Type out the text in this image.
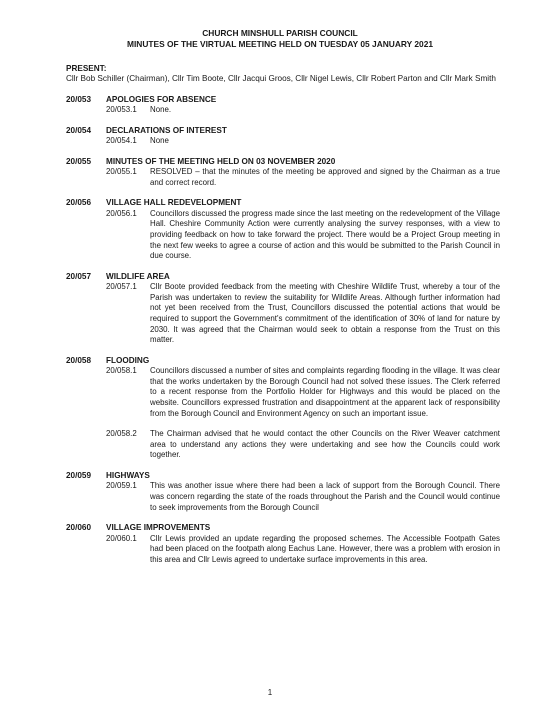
CHURCH MINSHULL PARISH COUNCIL
MINUTES OF THE VIRTUAL MEETING HELD ON TUESDAY 05 JANUARY 2021
PRESENT:
Cllr Bob Schiller (Chairman), Cllr Tim Boote, Cllr Jacqui Groos, Cllr Nigel Lewis, Cllr Robert Parton and Cllr Mark Smith
20/053	APOLOGIES FOR ABSENCE
20/053.1	None.
20/054	DECLARATIONS OF INTEREST
20/054.1	None
20/055	MINUTES OF THE MEETING HELD ON 03 NOVEMBER 2020
20/055.1	RESOLVED – that the minutes of the meeting be approved and signed by the Chairman as a true and correct record.
20/056	VILLAGE HALL REDEVELOPMENT
20/056.1	Councillors discussed the progress made since the last meeting on the redevelopment of the Village Hall. Cheshire Community Action were currently analysing the survey responses, with a view to providing feedback on how to take forward the project. There would be a Project Group meeting in the next few weeks to agree a course of action and this would be submitted to the Parish Council in due course.
20/057	WILDLIFE AREA
20/057.1	Cllr Boote provided feedback from the meeting with Cheshire Wildlife Trust, whereby a tour of the Parish was undertaken to review the suitability for Wildlife Areas. Although further information had not yet been received from the Trust, Councillors discussed the potential actions that would be required to support the Government's commitment of the identification of 30% of land for nature by 2030. It was agreed that the Chairman would seek to obtain a response from the Trust on this matter.
20/058	FLOODING
20/058.1	Councillors discussed a number of sites and complaints regarding flooding in the village. It was clear that the works undertaken by the Borough Council had not solved these issues. The Clerk referred to a recent response from the Portfolio Holder for Highways and this would be placed on the website. Councillors expressed frustration and disappointment at the apparent lack of responsibility from the Borough Council and Environment Agency on such an important issue.
20/058.2	The Chairman advised that he would contact the other Councils on the River Weaver catchment area to understand any actions they were undertaking and see how the Councils could work together.
20/059	HIGHWAYS
20/059.1	This was another issue where there had been a lack of support from the Borough Council. There was concern regarding the state of the roads throughout the Parish and the Council would continue to seek improvements from the Borough Council
20/060	VILLAGE IMPROVEMENTS
20/060.1	Cllr Lewis provided an update regarding the proposed schemes. The Accessible Footpath Gates had been placed on the footpath along Eachus Lane. However, there was a problem with erosion in this area and Cllr Lewis agreed to undertake surface improvements in this area.
1
